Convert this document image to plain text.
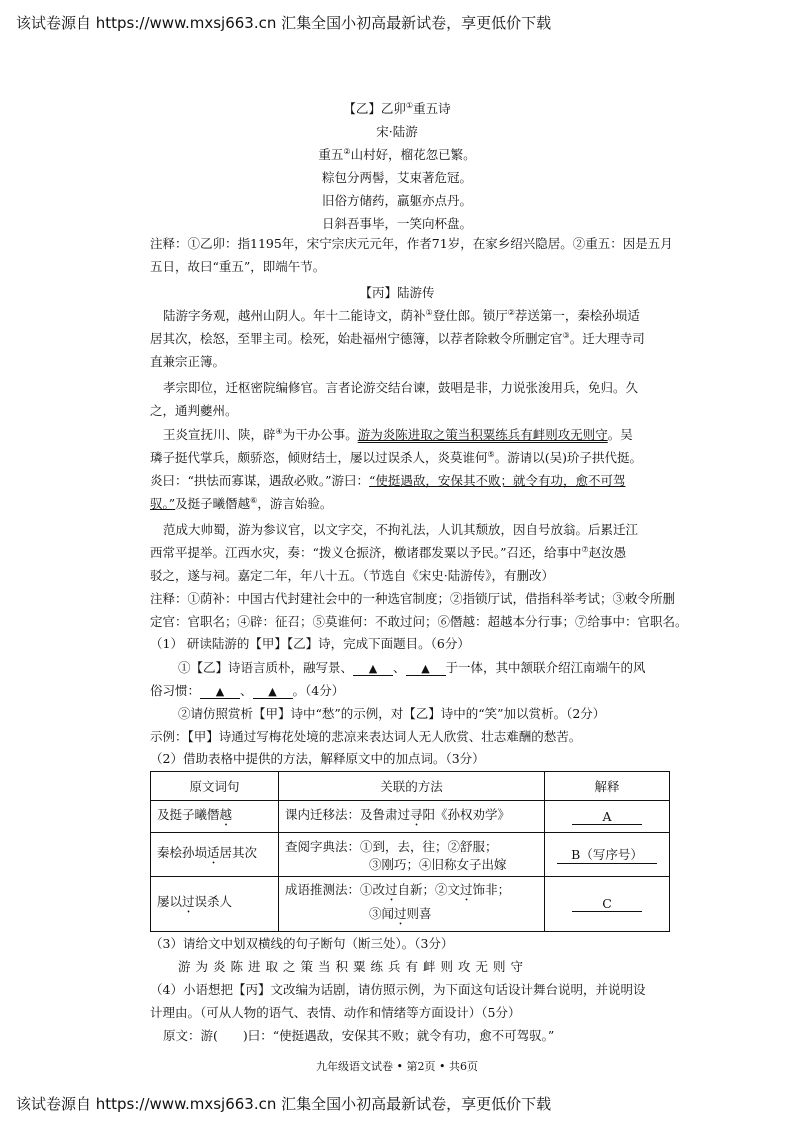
该试卷源自 https://www.mxsj663.cn 汇集全国小初高最新试卷，享更低价下载
【乙】乙卯①重五诗
宋·陆游
重五②山村好，榴花忽已繁。
粽包分两髻，艾束著危冠。
旧俗方储药，羸躯亦点丹。
日斜吾事毕，一笑向杯盘。
注释：①乙卯：指1195年，宋宁宗庆元元年，作者71岁，在家乡绍兴隐居。②重五：因是五月
五日，故曰“重五”，即端午节。
【丙】陆游传
陆游字务观，越州山阴人。年十二能诗文，荫补①登仕郎。锁厅②荐送第一，秦桧孙埙适
居其次，桧怒，至罪主司。桧死，始赴福州宁德簿，以荐者除敕令所删定官③。迁大理寺司
直兼宗正簿。
孝宗即位，迁枢密院编修官。言者论游交结台谏，鼓唱是非，力说张浚用兵，免归。久
之，通判夔州。
王炎宣抚川、陕，辟④为干办公事。游为炎陈进取之策当积粟练兵有衅则攻无则守。吴
璘子挺代掌兵，颇骄恣，倾财结士，屡以过误杀人，炎莫谁何⑤。游请以(吴)玠子拱代挺。
炎曰：“拱怯而寡谋，遇敌必败。”游曰：“使挺遇敌，安保其不败；就令有功，愈不可驾
驭。”及挺子曦僭越⑥，游言始验。
范成大帅蜀，游为参议官，以文字交，不拘礼法，人讥其颓放，因自号放翁。后累迁江
西常平提举。江西水灾，奏：“拨义仓振济，檄诸郡发粟以予民。”召还，给事中⑦赵汝愚
驳之，遂与祠。嘉定二年，年八十五。（节选自《宋史·陆游传》，有删改）
注释：①荫补：中国古代封建社会中的一种选官制度；②指锁厅试，借指科举考试；③敕令所删
定官：官职名；④辟：征召；⑤莫谁何：不敢过问；⑥僭越：超越本分行事；⑦给事中：官职名。
（1） 研读陆游的【甲】【乙】诗，完成下面题目。（6分）
①【乙】诗语言质朴，融写景、 ▲ 、 ▲ 于一体，其中颔联介绍江南端午的风
俗习惯： ▲ 、 ▲ 。（4分）
②请仿照赏析【甲】诗中“愁”的示例，对【乙】诗中的“笑”加以赏析。（2分）
示例：【甲】诗通过写梅花处境的悲凉来表达词人无人欣赏、壮志难酬的愁苦。
（2）借助表格中提供的方法，解释原文中的加点词。（3分）
原文词句	关联的方法	解释
及挺子曦僭越	课内迁移法：及鲁肃过寻阳《孙权劝学》	A
秦桧孙埙适居其次	查阅字典法：①到，去，往；②舒服；
③刚巧；④旧称女子出嫁	B（写序号）
屡以过误杀人	成语推测法：①改过自新；②文过饰非；
③闻过则喜	C
（3）请给文中划双横线的句子断句（断三处）。（3分）
游为炎陈进取之策当积粟练兵有衅则攻无则守
（4）小语想把【丙】文改编为话剧，请仿照示例，为下面这句话设计舞台说明，并说明设
计理由。（可从人物的语气、表情、动作和情绪等方面设计）（5分）
原文：游(　　)曰：“使挺遇敌，安保其不败；就令有功，愈不可驾驭。”
九年级语文试卷 • 第2页 • 共6页
该试卷源自 https://www.mxsj663.cn 汇集全国小初高最新试卷，享更低价下载
